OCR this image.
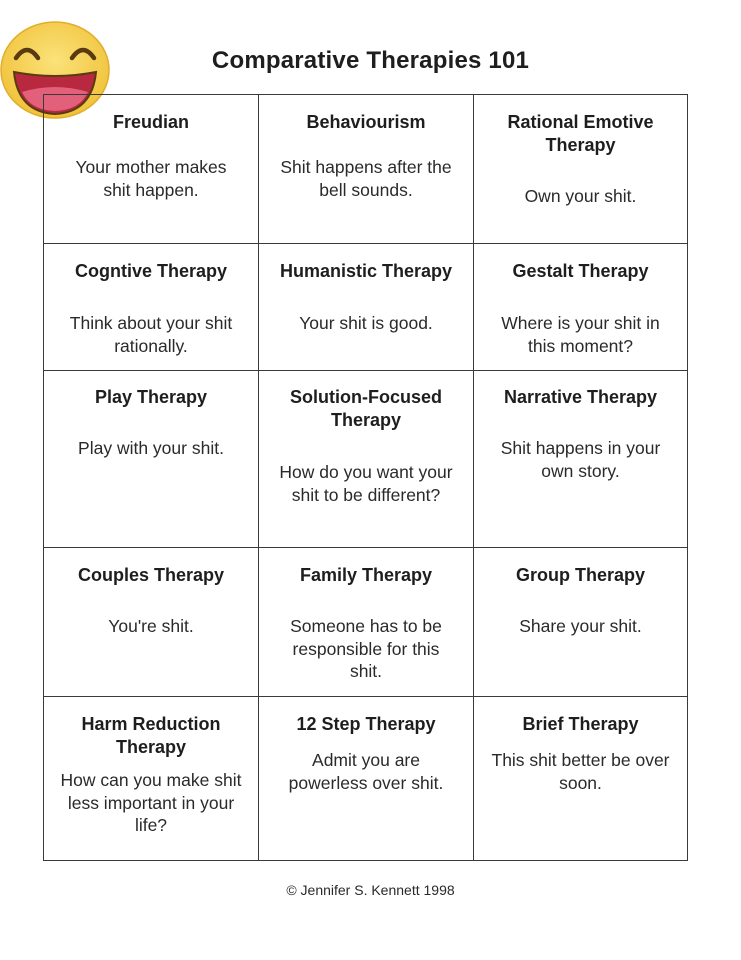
Comparative Therapies 101
Freudian
Your mother makes shit happen.
Behaviourism
Shit happens after the bell sounds.
Rational Emotive Therapy
Own your shit.
Cogntive Therapy
Think about your shit rationally.
Humanistic Therapy
Your shit is good.
Gestalt Therapy
Where is your shit in this moment?
Play Therapy
Play with your shit.
Solution-Focused Therapy
How do you want your shit to be different?
Narrative Therapy
Shit happens in your own story.
Couples Therapy
You're shit.
Family Therapy
Someone has to be responsible for this shit.
Group Therapy
Share your shit.
Harm Reduction Therapy
How can you make shit less important in your life?
12 Step Therapy
Admit you are powerless over shit.
Brief Therapy
This shit better be over soon.
© Jennifer S. Kennett 1998
